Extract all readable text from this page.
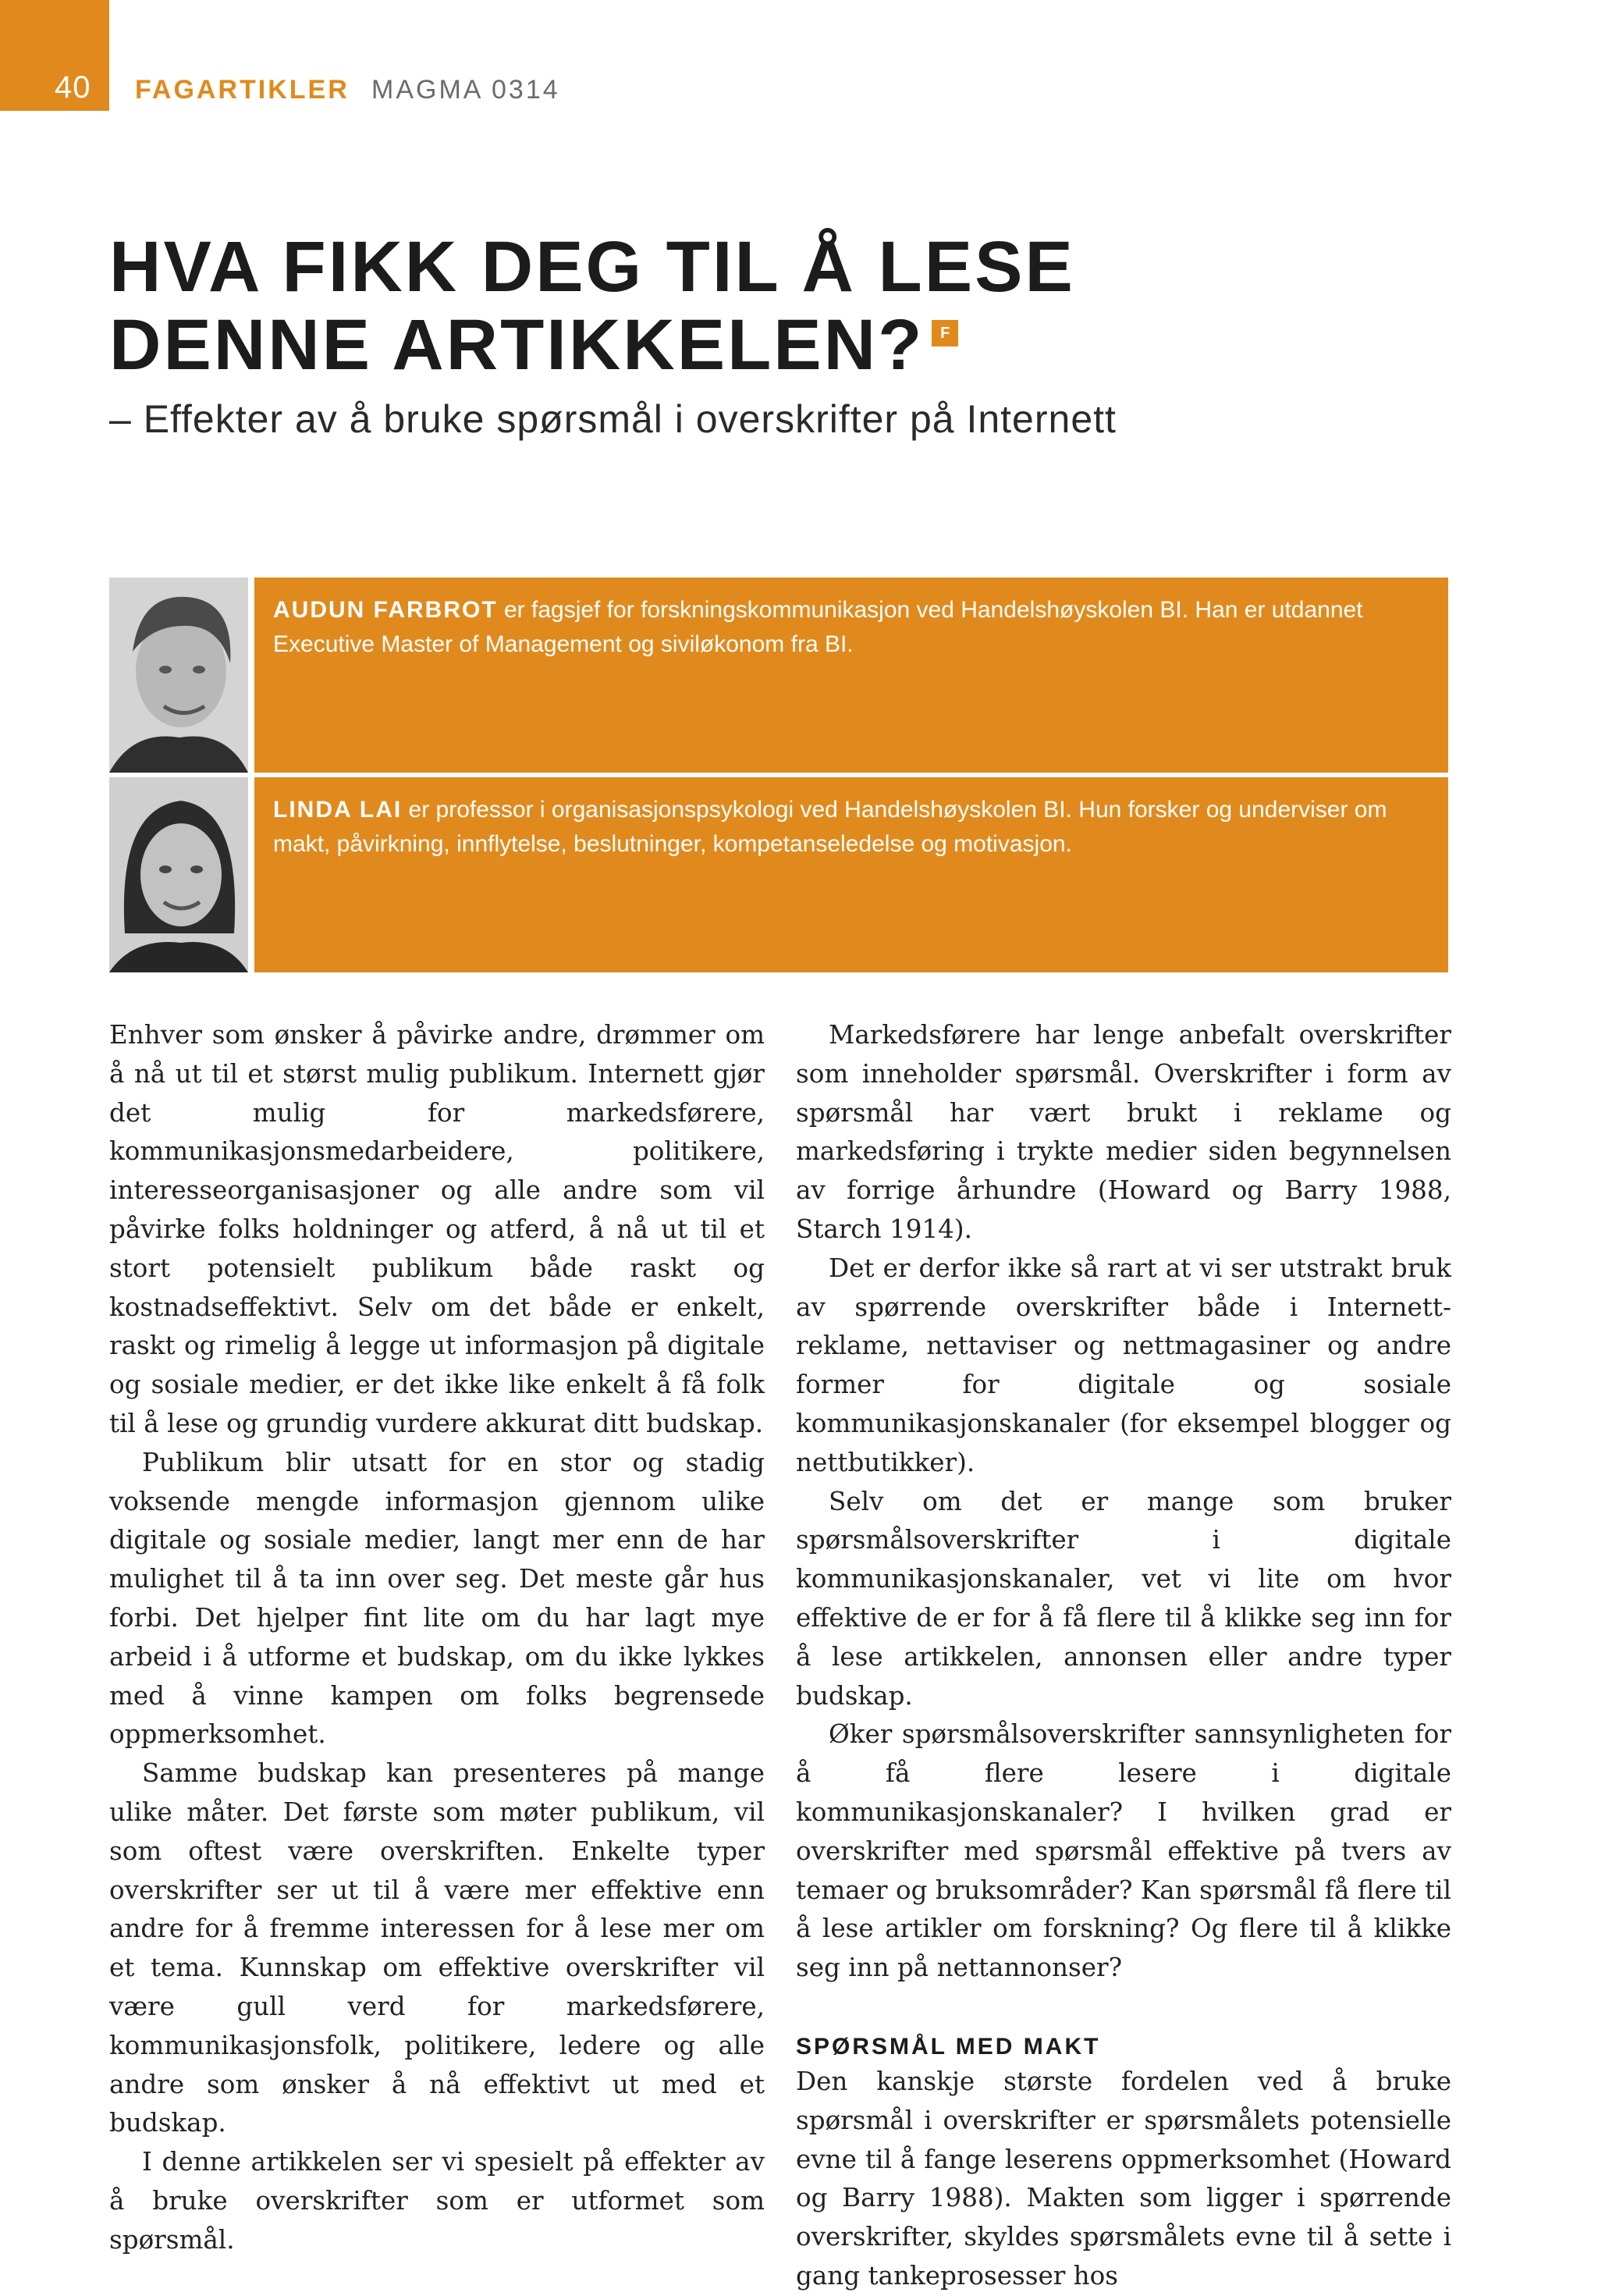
40 FAGARTIKLER MAGMA 0314
HVA FIKK DEG TIL Å LESE
DENNE ARTIKKELEN? F
– Effekter av å bruke spørsmål i overskrifter på Internett
AUDUN FARBROT er fagsjef for forskningskommunikasjon ved Handelshøyskolen BI. Han er utdannet Executive Master of Management og siviløkonom fra BI.
LINDA LAI er professor i organisasjonspsykologi ved Handelshøyskolen BI. Hun forsker og underviser om makt, påvirkning, innflytelse, beslutninger, kompetanseledelse og motivasjon.

Enhver som ønsker å påvirke andre, drømmer om å nå ut til et størst mulig publikum. Internett gjør det mulig for markedsførere, kommunikasjonsmedarbeidere, politikere, interesseorganisasjoner og alle andre som vil påvirke folks holdninger og atferd, å nå ut til et stort potensielt publikum både raskt og kostnadseffektivt. Selv om det både er enkelt, raskt og rimelig å legge ut informasjon på digitale og sosiale medier, er det ikke like enkelt å få folk til å lese og grundig vurdere akkurat ditt budskap.

Publikum blir utsatt for en stor og stadig voksende mengde informasjon gjennom ulike digitale og sosiale medier, langt mer enn de har mulighet til å ta inn over seg. Det meste går hus forbi. Det hjelper fint lite om du har lagt mye arbeid i å utforme et budskap, om du ikke lykkes med å vinne kampen om folks begrensede oppmerksomhet.

Samme budskap kan presenteres på mange ulike måter. Det første som møter publikum, vil som oftest være overskriften. Enkelte typer overskrifter ser ut til å være mer effektive enn andre for å fremme interessen for å lese mer om et tema. Kunnskap om effektive overskrifter vil være gull verd for markedsførere, kommunikasjonsfolk, politikere, ledere og alle andre som ønsker å nå effektivt ut med et budskap.

I denne artikkelen ser vi spesielt på effekter av å bruke overskrifter som er utformet som spørsmål.

Markedsførere har lenge anbefalt overskrifter som inneholder spørsmål. Overskrifter i form av spørsmål har vært brukt i reklame og markedsføring i trykte medier siden begynnelsen av forrige århundre (Howard og Barry 1988, Starch 1914).

Det er derfor ikke så rart at vi ser utstrakt bruk av spørrende overskrifter både i Internett-reklame, nettaviser og nettmagasiner og andre former for digitale og sosiale kommunikasjonskanaler (for eksempel blogger og nettbutikker).

Selv om det er mange som bruker spørsmålsoverskrifter i digitale kommunikasjonskanaler, vet vi lite om hvor effektive de er for å få flere til å klikke seg inn for å lese artikkelen, annonsen eller andre typer budskap.

Øker spørsmålsoverskrifter sannsynligheten for å få flere lesere i digitale kommunikasjonskanaler? I hvilken grad er overskrifter med spørsmål effektive på tvers av temaer og bruksområder? Kan spørsmål få flere til å lese artikler om forskning? Og flere til å klikke seg inn på nettannonser?

SPØRSMÅL MED MAKT

Den kanskje største fordelen ved å bruke spørsmål i overskrifter er spørsmålets potensielle evne til å fange leserens oppmerksomhet (Howard og Barry 1988). Makten som ligger i spørrende overskrifter, skyldes spørsmålets evne til å sette i gang tankeprosesser hos
